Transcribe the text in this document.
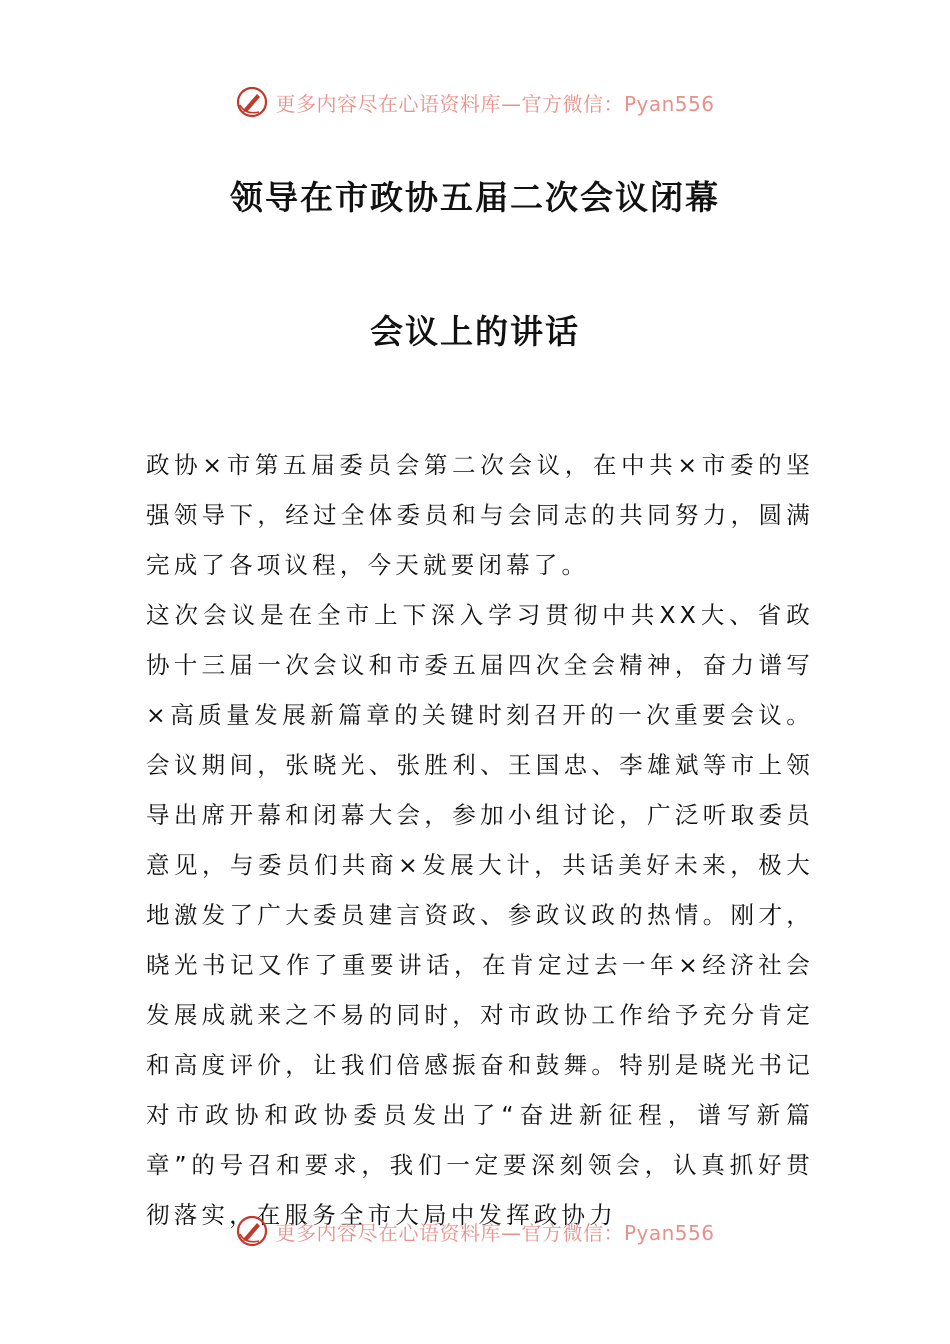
更多内容尽在心语资料库—官方微信：Pyan556
领导在市政协五届二次会议闭幕
会议上的讲话

政协×市第五届委员会第二次会议，在中共×市委的坚强领导下，经过全体委员和与会同志的共同努力，圆满完成了各项议程，今天就要闭幕了。

这次会议是在全市上下深入学习贯彻中共XX大、省政协十三届一次会议和市委五届四次全会精神，奋力谱写×高质量发展新篇章的关键时刻召开的一次重要会议。会议期间，张晓光、张胜利、王国忠、李雄斌等市上领导出席开幕和闭幕大会，参加小组讨论，广泛听取委员意见，与委员们共商×发展大计，共话美好未来，极大地激发了广大委员建言资政、参政议政的热情。刚才，晓光书记又作了重要讲话，在肯定过去一年×经济社会发展成就来之不易的同时，对市政协工作给予充分肯定和高度评价，让我们倍感振奋和鼓舞。特别是晓光书记对市政协和政协委员发出了“奋进新征程，谱写新篇章”的号召和要求，我们一定要深刻领会，认真抓好贯彻落实，在服务全市大局中发挥政协力

更多内容尽在心语资料库—官方微信：Pyan556
